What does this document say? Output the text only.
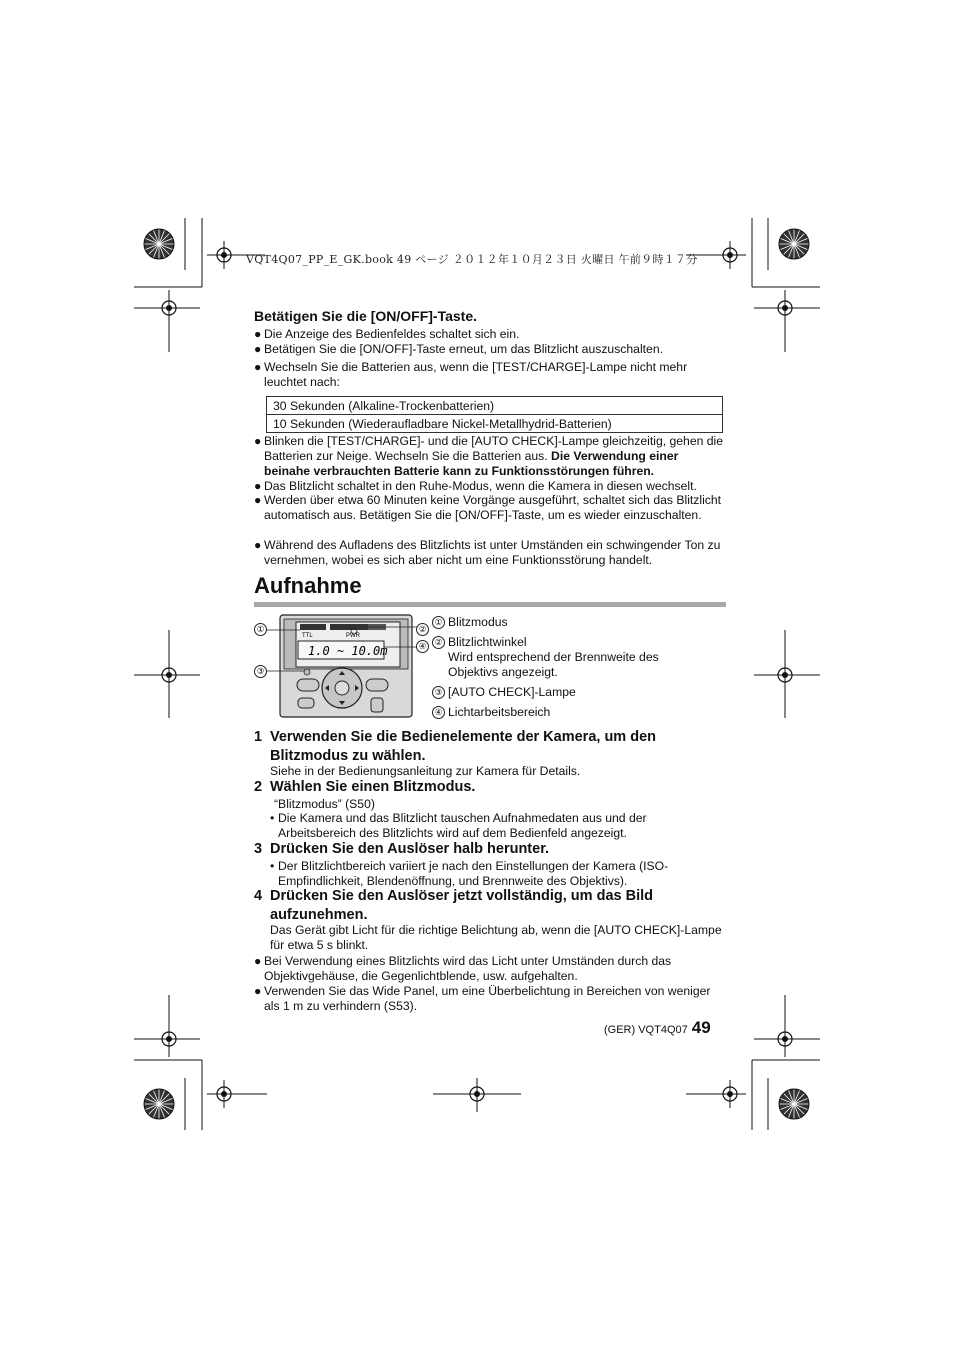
VQT4Q07_PP_E_GK.book 49 ページ ２０１２年１０月２３日 火曜日 午前９時１７分
Betätigen Sie die [ON/OFF]-Taste.
● Die Anzeige des Bedienfeldes schaltet sich ein.
● Betätigen Sie die [ON/OFF]-Taste erneut, um das Blitzlicht auszuschalten.
● Wechseln Sie die Batterien aus, wenn die [TEST/CHARGE]-Lampe nicht mehr leuchtet nach:
30 Sekunden (Alkaline-Trockenbatterien)
10 Sekunden (Wiederaufladbare Nickel-Metallhydrid-Batterien)
● Blinken die [TEST/CHARGE]- und die [AUTO CHECK]-Lampe gleichzeitig, gehen die Batterien zur Neige. Wechseln Sie die Batterien aus. Die Verwendung einer beinahe verbrauchten Batterie kann zu Funktionsstörungen führen.
● Das Blitzlicht schaltet in den Ruhe-Modus, wenn die Kamera in diesen wechselt.
● Werden über etwa 60 Minuten keine Vorgänge ausgeführt, schaltet sich das Blitzlicht automatisch aus. Betätigen Sie die [ON/OFF]-Taste, um es wieder einzuschalten.
● Während des Aufladens des Blitzlichts ist unter Umständen ein schwingender Ton zu vernehmen, wobei es sich aber nicht um eine Funktionsstörung handelt.
Aufnahme
TTL	PWR
1.0 ~ 10.0m
①
③
②
④
① Blitzmodus
② Blitzlichtwinkel
Wird entsprechend der Brennweite des
Objektivs angezeigt.
③ [AUTO CHECK]-Lampe
④ Lichtarbeitsbereich
1 Verwenden Sie die Bedienelemente der Kamera, um den Blitzmodus zu wählen.
Siehe in der Bedienungsanleitung zur Kamera für Details.
2 Wählen Sie einen Blitzmodus.
“Blitzmodus” (S50)
• Die Kamera und das Blitzlicht tauschen Aufnahmedaten aus und der Arbeitsbereich des Blitzlichts wird auf dem Bedienfeld angezeigt.
3 Drücken Sie den Auslöser halb herunter.
• Der Blitzlichtbereich variiert je nach den Einstellungen der Kamera (ISO-Empfindlichkeit, Blendenöffnung, und Brennweite des Objektivs).
4 Drücken Sie den Auslöser jetzt vollständig, um das Bild aufzunehmen.
Das Gerät gibt Licht für die richtige Belichtung ab, wenn die [AUTO CHECK]-Lampe für etwa 5 s blinkt.
● Bei Verwendung eines Blitzlichts wird das Licht unter Umständen durch das Objektivgehäuse, die Gegenlichtblende, usw. aufgehalten.
● Verwenden Sie das Wide Panel, um eine Überbelichtung in Bereichen von weniger als 1 m zu verhindern (S53).
(GER) VQT4Q07 49
